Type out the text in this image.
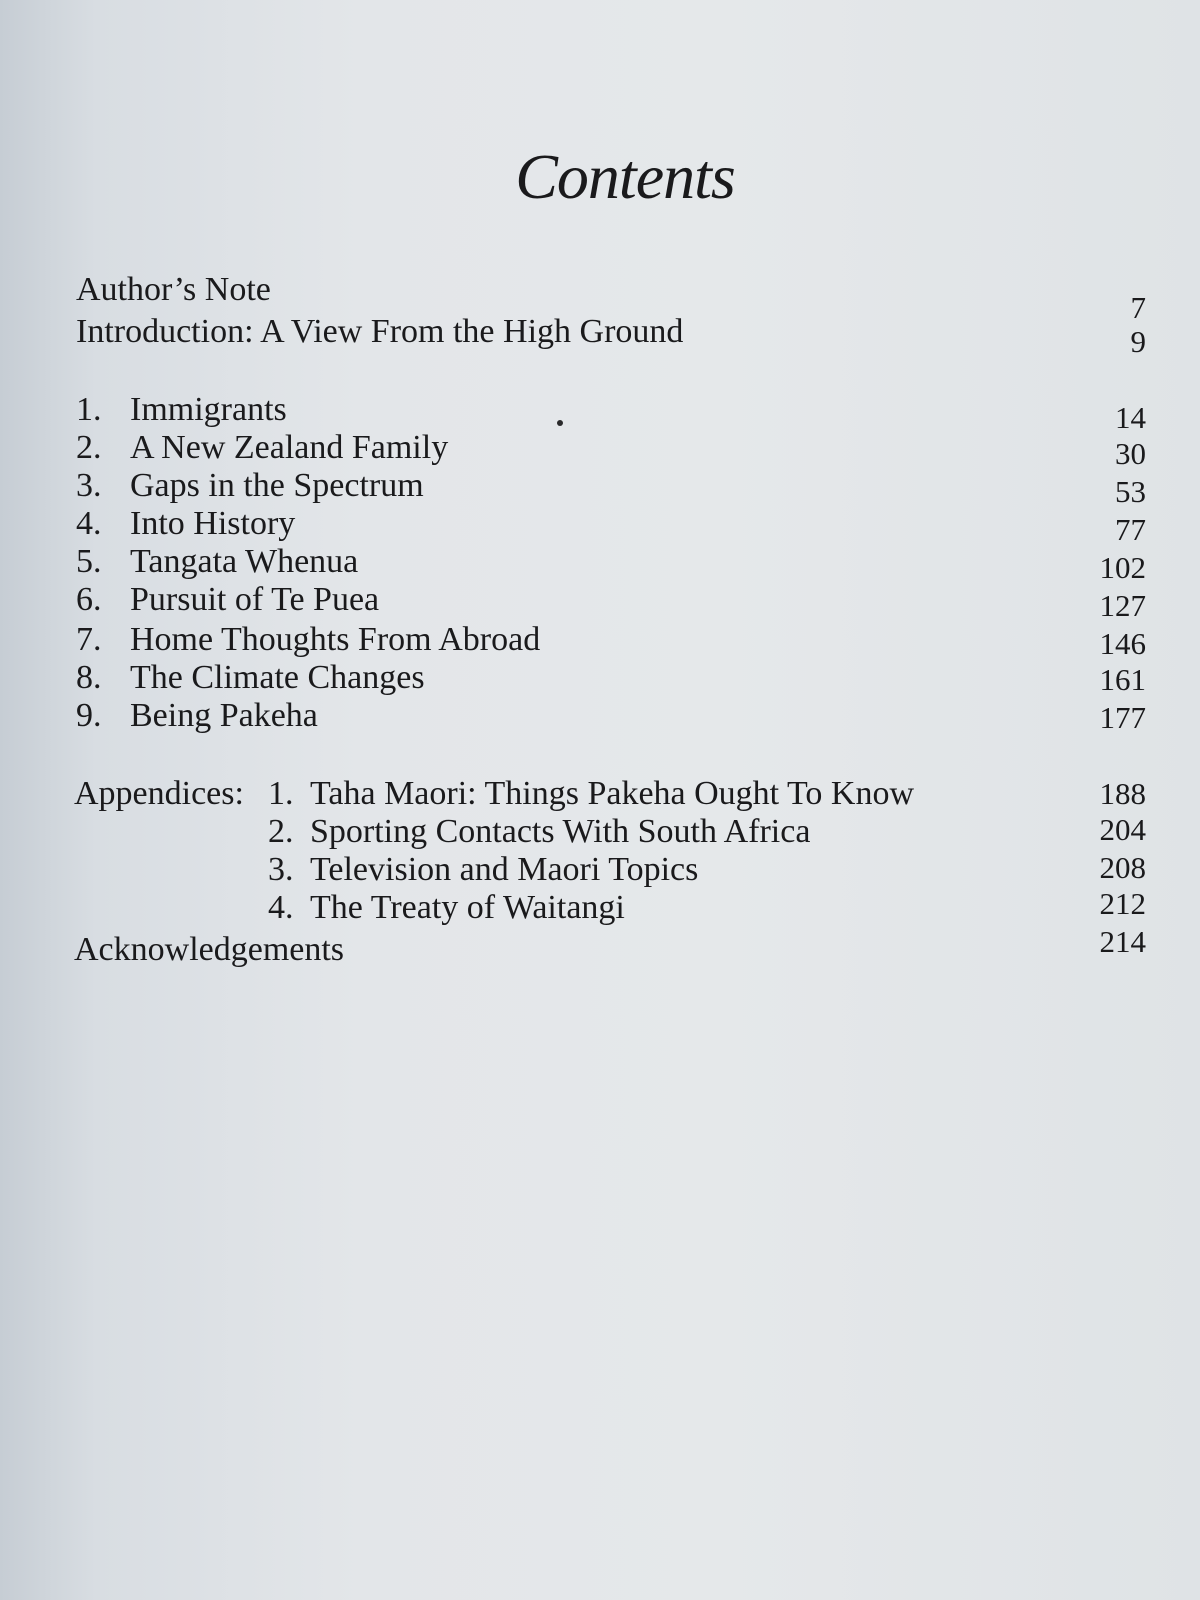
Contents
Author’s Note	7
Introduction: A View From the High Ground	9
1. Immigrants	14
2. A New Zealand Family	30
3. Gaps in the Spectrum	53
4. Into History	77
5. Tangata Whenua	102
6. Pursuit of Te Puea	127
7. Home Thoughts From Abroad	146
8. The Climate Changes	161
9. Being Pakeha	177
Appendices: 1. Taha Maori: Things Pakeha Ought To Know	188
2. Sporting Contacts With South Africa	204
3. Television and Maori Topics	208
4. The Treaty of Waitangi	212
Acknowledgements	214
